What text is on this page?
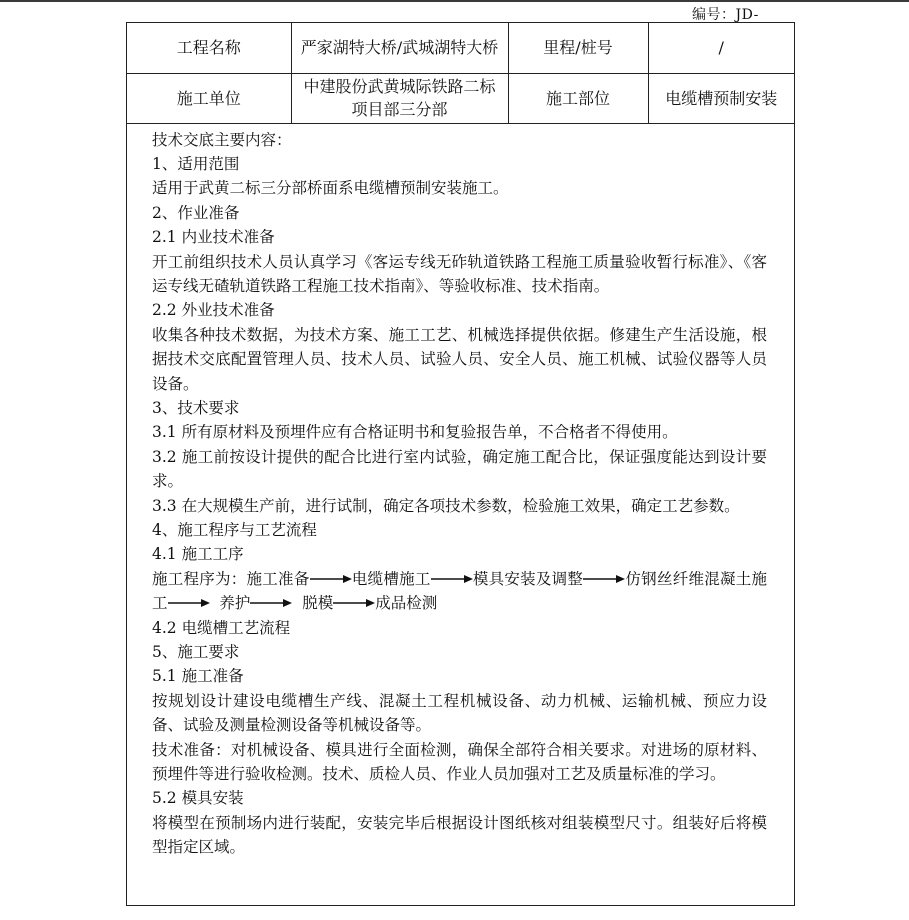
编号：JD-
工程名称	严家湖特大桥/武城湖特大桥	里程/桩号	/
施工单位	中建股份武黄城际铁路二标项目部三分部	施工部位	电缆槽预制安装

技术交底主要内容：

1、适用范围

适用于武黄二标三分部桥面系电缆槽预制安装施工。

2、作业准备

2.1 内业技术准备

开工前组织技术人员认真学习《客运专线无砟轨道铁路工程施工质量验收暂行标准》、《客运专线无碴轨道铁路工程施工技术指南》、等验收标准、技术指南。

2.2 外业技术准备

收集各种技术数据，为技术方案、施工工艺、机械选择提供依据。修建生产生活设施，根据技术交底配置管理人员、技术人员、试验人员、安全人员、施工机械、试验仪器等人员设备。

3、技术要求

3.1 所有原材料及预埋件应有合格证明书和复验报告单，不合格者不得使用。

3.2 施工前按设计提供的配合比进行室内试验，确定施工配合比，保证强度能达到设计要求。

3.3 在大规模生产前，进行试制，确定各项技术参数，检验施工效果，确定工艺参数。

4、施工程序与工艺流程

4.1 施工工序

施工程序为：施工准备	电缆槽施工	模具安装及调整	仿钢丝纤维混凝土施工	养护	脱模	成品检测

4.2 电缆槽工艺流程

5、施工要求

5.1 施工准备

按规划设计建设电缆槽生产线、混凝土工程机械设备、动力机械、运输机械、预应力设备、试验及测量检测设备等机械设备等。

技术准备：对机械设备、模具进行全面检测，确保全部符合相关要求。对进场的原材料、预埋件等进行验收检测。技术、质检人员、作业人员加强对工艺及质量标准的学习。

5.2 模具安装

将模型在预制场内进行装配，安装完毕后根据设计图纸核对组装模型尺寸。组装好后将模型指定区域。
